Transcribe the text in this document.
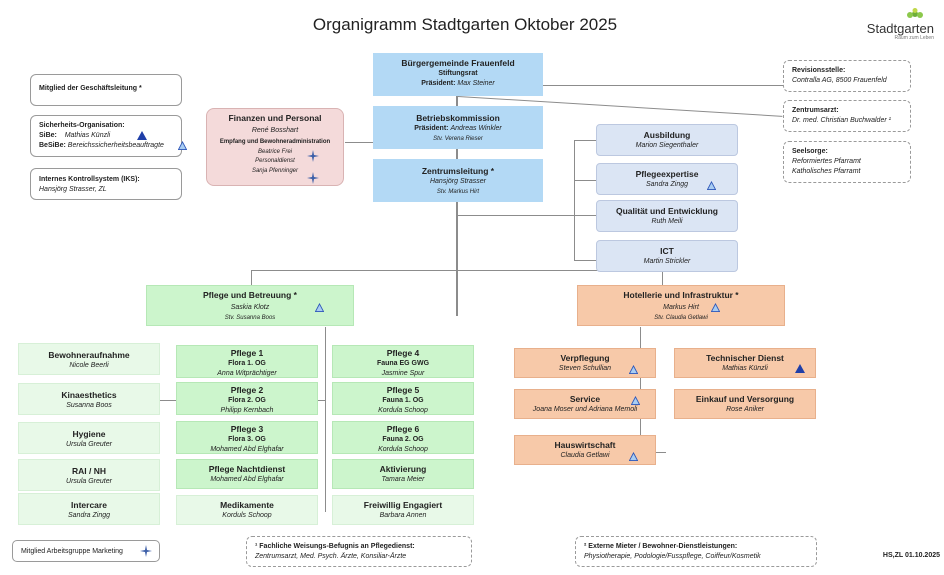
Organigramm Stadtgarten Oktober 2025	Stadtgarten
Raum zum Leben
Mitglied der Geschäftsleitung *
Sicherheits-Organisation:
SiBe: Mathias Künzli
BeSiBe: Bereichssicherheitsbeauftragte
Internes Kontrollsystem (IKS):
Hansjörg Strasser, ZL
Finanzen und Personal
René Bosshart
Empfang und Bewohneradministration
Beatrice Frei
Personaldienst
Sanja Pfenninger
Bürgergemeinde Frauenfeld
Stiftungsrat
Präsident: Max Steiner
Betriebskommission
Präsident: Andreas Winkler
Stv. Verena Rieser
Zentrumsleitung *
Hansjörg Strasser
Stv. Markus Hirt
Revisionsstelle:
Contralla AG, 8500 Frauenfeld
Zentrumsarzt:
Dr. med. Christian Buchwalder ¹
Seelsorge:
Reformiertes Pfarramt
Katholisches Pfarramt
Ausbildung
Marion Siegenthaler
Pflegeexpertise
Sandra Zingg
Qualität und Entwicklung
Ruth Meili
ICT
Martin Strickler
Pflege und Betreuung *
Saskia Klotz
Stv. Susanna Boos
Hotellerie und Infrastruktur *
Markus Hirt
Stv. Claudia Getlawi
Bewohneraufnahme
Nicole Beerli
Kinaesthetics
Susanna Boos
Hygiene
Ursula Greuter
RAI / NH
Ursula Greuter
Intercare
Sandra Zingg
Pflege 1
Flora 1. OG
Anna Witprächtiger
Pflege 2
Flora 2. OG
Philipp Kernbach
Pflege 3
Flora 3. OG
Mohamed Abd Elghafar
Pflege Nachtdienst
Mohamed Abd Elghafar
Medikamente
Korduls Schoop
Pflege 4
Fauna EG GWG
Jasmine Spur
Pflege 5
Fauna 1. OG
Kordula Schoop
Pflege 6
Fauna 2. OG
Kordula Schoop
Aktivierung
Tamara Meier
Freiwillig Engagiert
Barbara Annen
Verpflegung
Steven Schullian
Service
Joana Moser und Adriana Memoli
Hauswirtschaft
Claudia Getlawi
Technischer Dienst
Mathias Künzli
Einkauf und Versorgung
Rose Aniker
Mitglied Arbeitsgruppe Marketing
¹ Fachliche Weisungs-Befugnis an Pflegedienst:
Zentrumsarzt, Med. Psych. Ärzte, Konsiliar-Ärzte
² Externe Mieter / Bewohner-Dienstleistungen:
Physiotherapie, Podologie/Fusspflege, Coiffeur/Kosmetik	HS,ZL 01.10.2025
